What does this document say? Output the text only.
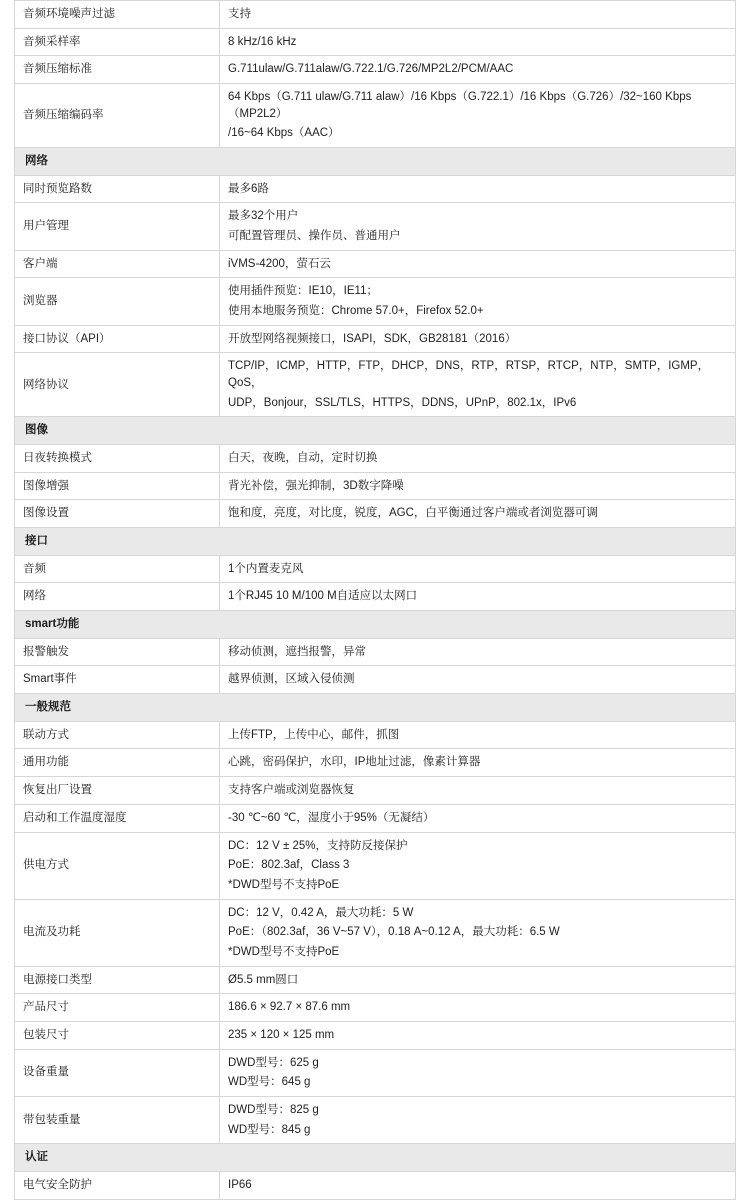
音频环境噪声过滤	支持

音频采样率	8 kHz/16 kHz

音频压缩标准	G.711ulaw/G.711alaw/G.722.1/G.726/MP2L2/PCM/AAC

音频压缩编码率	64 Kbps（G.711 ulaw/G.711 alaw）/16 Kbps（G.722.1）/16 Kbps（G.726）/32~160 Kbps（MP2L2）
/16~64 Kbps（AAC）

网络	
同时预览路数	最多6路

用户管理	最多32个用户
可配置管理员、操作员、普通用户

客户端	iVMS-4200，萤石云

浏览器	使用插件预览：IE10，IE11；
使用本地服务预览：Chrome 57.0+，Firefox 52.0+

接口协议（API）	开放型网络视频接口，ISAPI，SDK，GB28181（2016）

网络协议	TCP/IP，ICMP，HTTP，FTP，DHCP，DNS，RTP，RTSP，RTCP，NTP，SMTP，IGMP，QoS，
UDP，Bonjour，SSL/TLS，HTTPS，DDNS，UPnP，802.1x，IPv6

图像	
日夜转换模式	白天，夜晚，自动，定时切换

图像增强	背光补偿，强光抑制，3D数字降噪

图像设置	饱和度，亮度，对比度，锐度，AGC，白平衡通过客户端或者浏览器可调

接口	
音频	1个内置麦克风

网络	1个RJ45 10 M/100 M自适应以太网口

smart功能	
报警触发	移动侦测，遮挡报警，异常

Smart事件	越界侦测，区域入侵侦测

一般规范	
联动方式	上传FTP，上传中心，邮件，抓图

通用功能	心跳，密码保护，水印，IP地址过滤，像素计算器

恢复出厂设置	支持客户端或浏览器恢复

启动和工作温度湿度	-30 ℃~60 ℃，湿度小于95%（无凝结）

供电方式	DC：12 V ± 25%，支持防反接保护
PoE：802.3af，Class 3
*DWD型号不支持PoE

电流及功耗	DC：12 V，0.42 A，最大功耗：5 W
PoE：（802.3af，36 V~57 V），0.18 A~0.12 A，最大功耗：6.5 W
*DWD型号不支持PoE

电源接口类型	Ø5.5 mm圆口

产品尺寸	186.6 × 92.7 × 87.6 mm

包装尺寸	235 × 120 × 125 mm

设备重量	DWD型号：625 g
WD型号：645 g

带包装重量	DWD型号：825 g
WD型号：845 g

认证	
电气安全防护	IP66
